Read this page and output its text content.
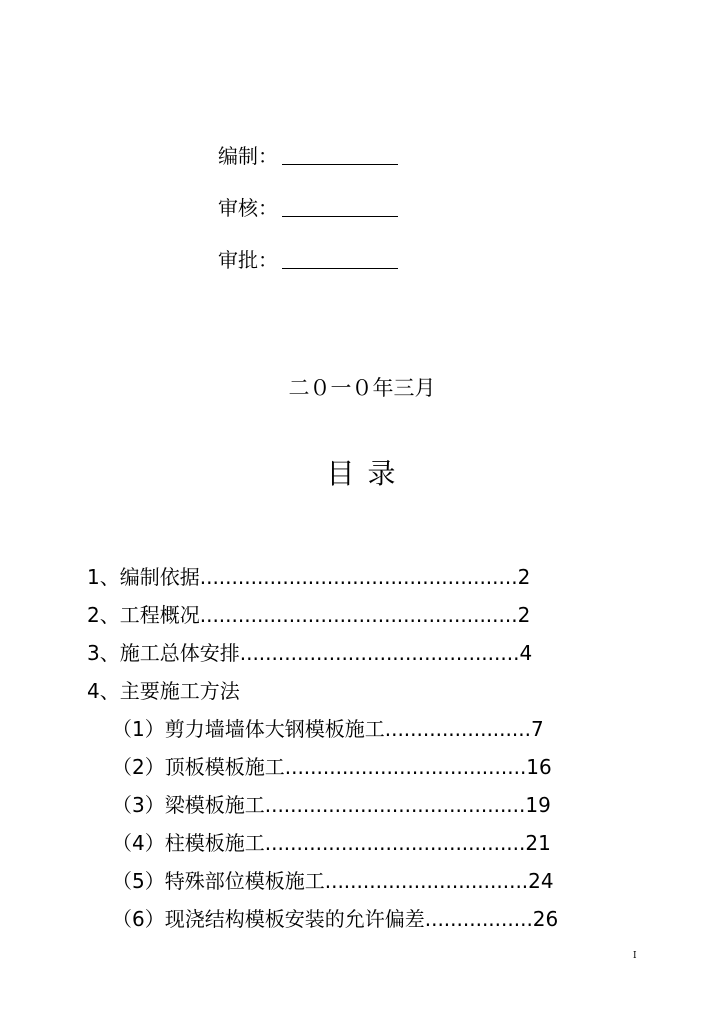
编制：
审核：
审批：
二０一０年三月
目 录
1、编制依据..................................................2
2、工程概况..................................................2
3、施工总体安排............................................4
4、主要施工方法
（1）剪力墙墙体大钢模板施工.......................7
（2）顶板模板施工......................................16
（3）梁模板施工.........................................19
（4）柱模板施工.........................................21
（5）特殊部位模板施工................................24
（6）现浇结构模板安装的允许偏差.................26
I
